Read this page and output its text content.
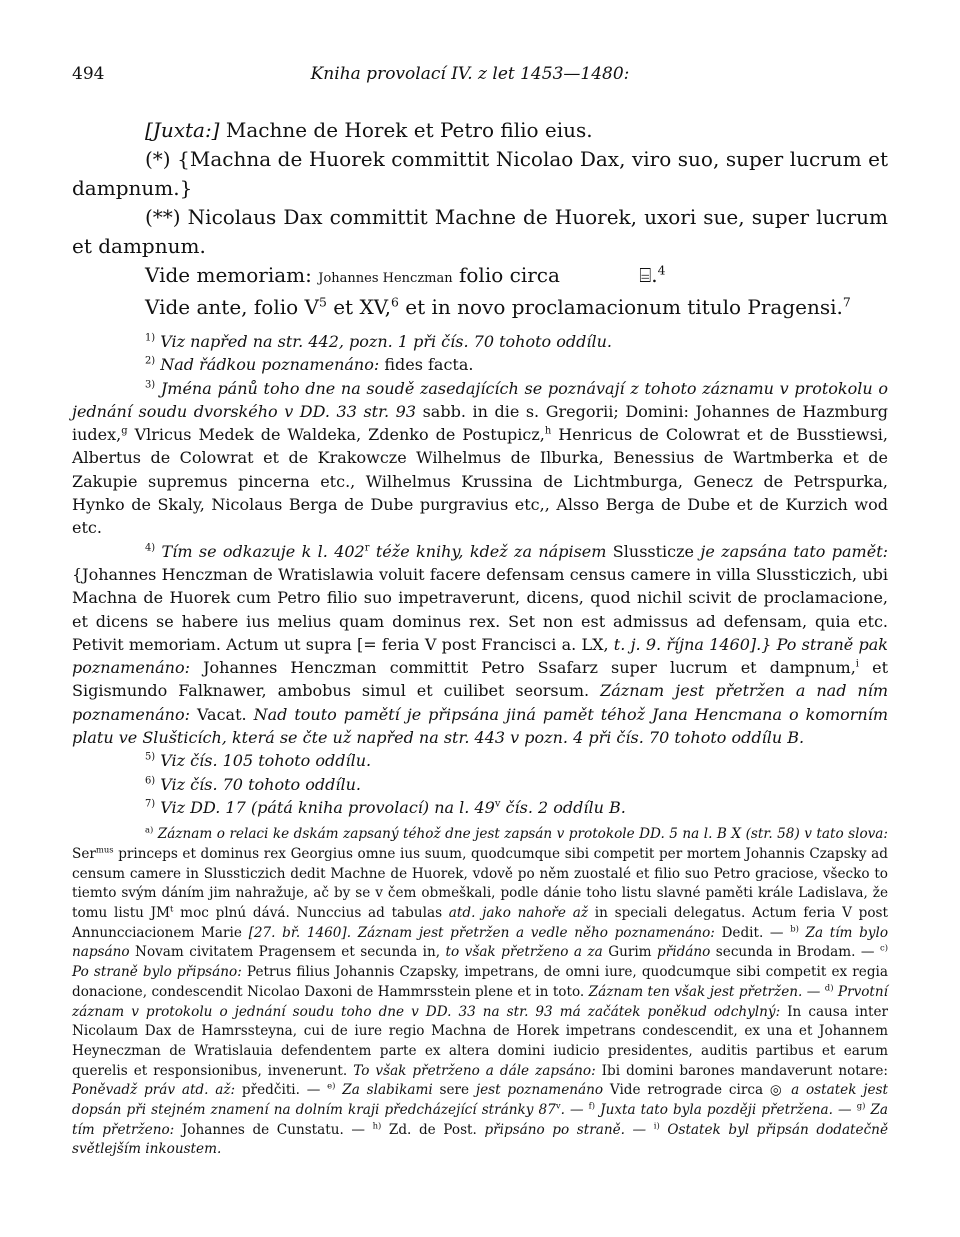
494	Kniha provolací IV. z let 1453—1480:

[Juxta:] Machne de Horek et Petro filio eius.

(*) {Machna de Huorek committit Nicolao Dax, viro suo, super lucrum et dampnum.}

(**) Nicolaus Dax committit Machne de Huorek, uxori sue, super lucrum et dampnum.

Vide memoriam: Johannes Henczman folio circa	⌸.$^4$

Vide ante, folio $V^5$ et XV,$^6$ et in novo proclamacionum titulo Pragensi.$^7$

$^{1)}$ Viz napřed na str. 442, pozn. 1 při čís. 70 tohoto oddílu.

$^{2)}$ Nad řádkou poznamenáno: fides facta.

$^{3)}$ Jména pánů toho dne na soudě zasedajících se poznávají z tohoto záznamu v protokolu o jednání soudu dvorského v DD. 33 str. 93 sabb. in die s. Gregorii; Domini: Johannes de Hazmburg iudex,$^g$ Vlricus Medek de Waldeka, Zdenko de Postupicz,$^h$ Henricus de Colowrat et de Busstiewsi, Albertus de Colowrat et de Krakowcze Wilhelmus de Ilburka, Benessius de Wartmberka et de Zakupie supremus pincerna etc., Wilhelmus Krussina de Lichtmburga, Genecz de Petrspurka, Hynko de Skaly, Nicolaus Berga de Dube purgravius etc,, Alsso Berga de Dube et de Kurzich wod etc.

$^{4)}$ Tím se odkazuje k l. 402$^r$ téže knihy, kdež za nápisem Slussticze je zapsána tato pamět: {Johannes Henczman de Wratislawia voluit facere defensam census camere in villa Slussticzich, ubi Machna de Huorek cum Petro filio suo impetraverunt, dicens, quod nichil scivit de proclamacione, et dicens se habere ius melius quam dominus rex. Set non est admissus ad defensam, quia etc. Petivit memoriam. Actum ut supra [= feria V post Francisci a. LX, t. j. 9. října 1460].} Po straně pak poznamenáno: Johannes Henczman committit Petro Ssafarz super lucrum et dampnum,$^i$ et Sigismundo Falknawer, ambobus simul et cuilibet seorsum. Záznam jest přetržen a nad ním poznamenáno: Vacat. Nad touto pamětí je připsána jiná pamět téhož Jana Hencmana o komorním platu ve Slušticích, která se čte už napřed na str. 443 v pozn. 4 při čís. 70 tohoto oddílu B.

$^{5)}$ Viz čís. 105 tohoto oddílu.

$^{6)}$ Viz čís. 70 tohoto oddílu.

$^{7)}$ Viz DD. 17 (pátá kniha provolací) na l. 49$^v$ čís. 2 oddílu B.

$^{a)}$ Záznam o relaci ke dskám zapsaný téhož dne jest zapsán v protokole DD. 5 na l. B X (str. 58) v tato slova: Ser$^{mus}$ princeps et dominus rex Georgius omne ius suum, quodcumque sibi competit per mortem Johannis Czapsky ad censum camere in Slussticzich dedit Machne de Huorek, vdově po něm zuostalé et filio suo Petro graciose, všecko to tiemto svým dáním jim nahražuje, ač by se v čem obmeškali, podle dánie toho listu slavné paměti krále Ladislava, že tomu listu $JM^t$ moc plnú dává. Nunccius ad tabulas atd. jako nahoře až in speciali delegatus. Actum feria V post Annuncciacionem Marie [27. bř. 1460]. Záznam jest přetržen a vedle něho poznamenáno: Dedit. — $^{b)}$ Za tím bylo napsáno Novam civitatem Pragensem et secunda in, to však přetrženo a za Gurim přidáno secunda in Brodam. — $^{c)}$ Po straně bylo připsáno: Petrus filius Johannis Czapsky, impetrans, de omni iure, quodcumque sibi competit ex regia donacione, condescendit Nicolao Daxoni de Hammrsstein plene et in toto. Záznam ten však jest přetržen. — $^{d)}$ Prvotní záznam v protokolu o jednání soudu toho dne v DD. 33 na str. 93 má začátek poněkud odchylný: In causa inter Nicolaum Dax de Hamrssteyna, cui de iure regio Machna de Horek impetrans condescendit, ex una et Johannem Heyneczman de Wratislauia defendentem parte ex altera domini iudicio presidentes, auditis partibus et earum querelis et responsionibus, invenerunt. To však přetrženo a dále zapsáno: Ibi domini barones mandaverunt notare: Poněvadž práv atd. až: předčiti. — $^{e)}$ Za slabikami sere jest poznamenáno Vide retrograde circa ◎ a ostatek jest dopsán při stejném znamení na dolním kraji předcházející stránky 87$^v$. — $^{f)}$ Juxta tato byla později přetržena. — $^{g)}$ Za tím přetrženo: Johannes de Cunstatu. — $^{h)}$ Zd. de Post. připsáno po straně. — $^{i)}$ Ostatek byl připsán dodatečně světlejším inkoustem.
